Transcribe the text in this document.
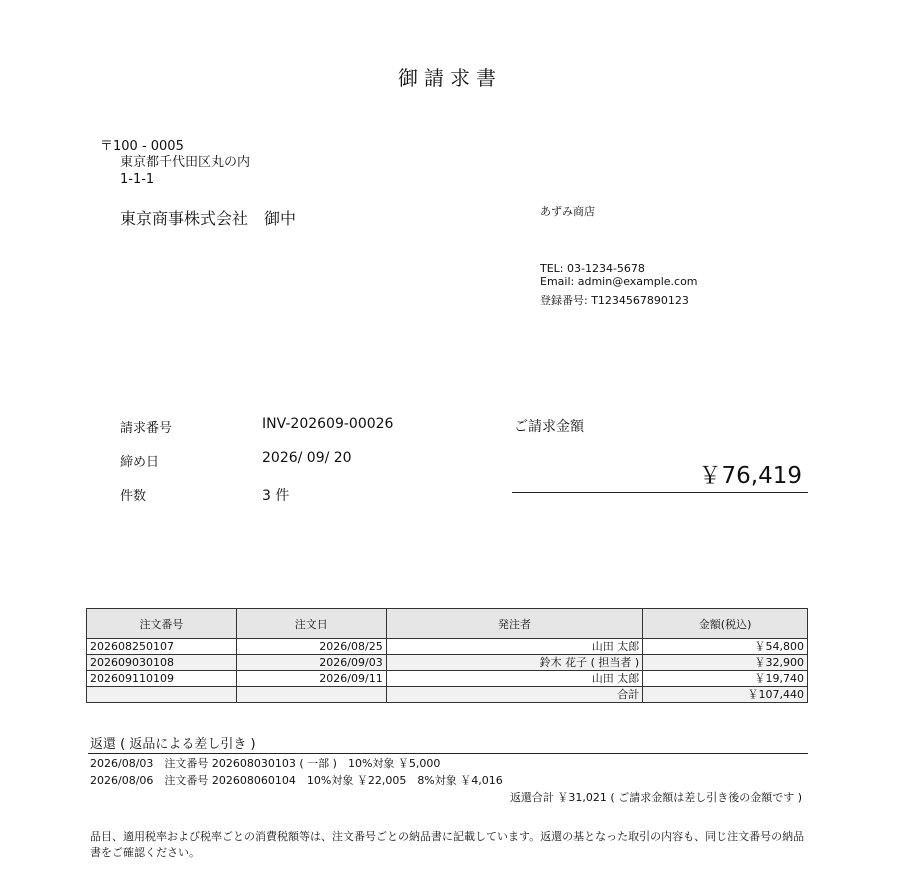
御請求書
〒100 - 0005
東京都千代田区丸の内
1-1-1
東京商事株式会社　御中	あずみ商店
TEL: 03-1234-5678
Email: admin@example.com
登録番号: T1234567890123
請求番号	INV-202609-00026
締め日	2026/ 09/ 20
件数	3 件
ご請求金額
￥76,419
注文番号	注文日	発注者	金額(税込)
202608250107	2026/08/25	山田 太郎	￥54,800
202609030108	2026/09/03	鈴木 花子 ( 担当者 )	￥32,900
202609110109	2026/09/11	山田 太郎	￥19,740
		合計	￥107,440
返還 ( 返品による差し引き )
2026/08/03　注文番号 202608030103 ( 一部 )　10%対象 ￥5,000
2026/08/06　注文番号 202608060104　10%対象 ￥22,005　8%対象 ￥4,016
返還合計 ￥31,021 ( ご請求金額は差し引き後の金額です )
品目、適用税率および税率ごとの消費税額等は、注文番号ごとの納品書に記載しています。返還の基となった取引の内容も、同じ注文番号の納品書をご確認ください。
